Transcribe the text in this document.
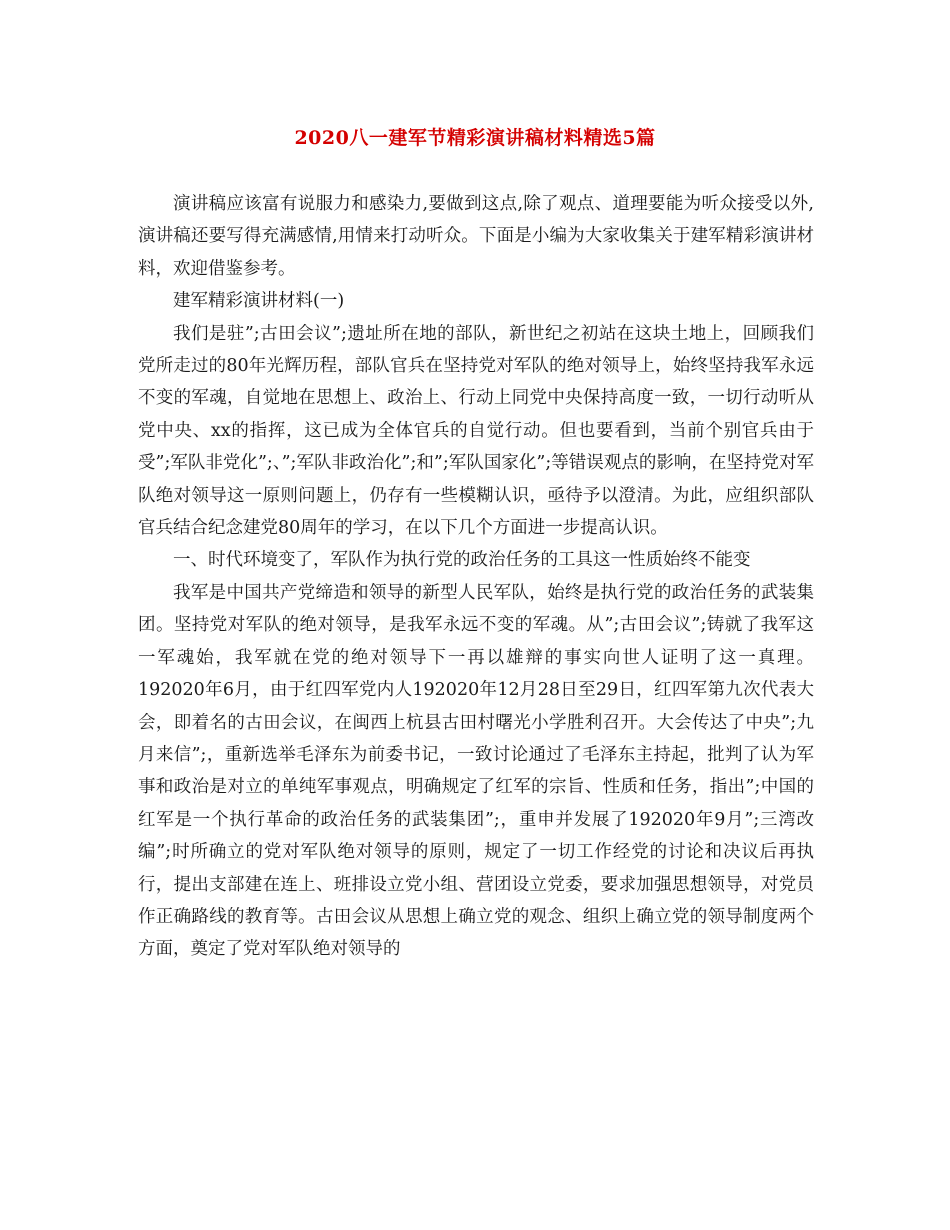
2020八一建军节精彩演讲稿材料精选5篇

演讲稿应该富有说服力和感染力,要做到这点,除了观点、道理要能为听众接受以外,演讲稿还要写得充满感情,用情来打动听众。下面是小编为大家收集关于建军精彩演讲材料，欢迎借鉴参考。

建军精彩演讲材料(一)

我们是驻”;古田会议”;遗址所在地的部队，新世纪之初站在这块土地上，回顾我们党所走过的80年光辉历程，部队官兵在坚持党对军队的绝对领导上，始终坚持我军永远不变的军魂，自觉地在思想上、政治上、行动上同党中央保持高度一致，一切行动听从党中央、xx的指挥，这已成为全体官兵的自觉行动。但也要看到，当前个别官兵由于受”;军队非党化”;、”;军队非政治化”;和”;军队国家化”;等错误观点的影响，在坚持党对军队绝对领导这一原则问题上，仍存有一些模糊认识，亟待予以澄清。为此，应组织部队官兵结合纪念建党80周年的学习，在以下几个方面进一步提高认识。

一、时代环境变了，军队作为执行党的政治任务的工具这一性质始终不能变

我军是中国共产党缔造和领导的新型人民军队，始终是执行党的政治任务的武装集团。坚持党对军队的绝对领导，是我军永远不变的军魂。从”;古田会议”;铸就了我军这一军魂始，我军就在党的绝对领导下一再以雄辩的事实向世人证明了这一真理。192020年6月，由于红四军党内人192020年12月28日至29日，红四军第九次代表大会，即着名的古田会议，在闽西上杭县古田村曙光小学胜利召开。大会传达了中央”;九月来信”;，重新选举毛泽东为前委书记，一致讨论通过了毛泽东主持起，批判了认为军事和政治是对立的单纯军事观点，明确规定了红军的宗旨、性质和任务，指出”;中国的红军是一个执行革命的政治任务的武装集团”;，重申并发展了192020年9月”;三湾改编”;时所确立的党对军队绝对领导的原则，规定了一切工作经党的讨论和决议后再执行，提出支部建在连上、班排设立党小组、营团设立党委，要求加强思想领导，对党员作正确路线的教育等。古田会议从思想上确立党的观念、组织上确立党的领导制度两个方面，奠定了党对军队绝对领导的
